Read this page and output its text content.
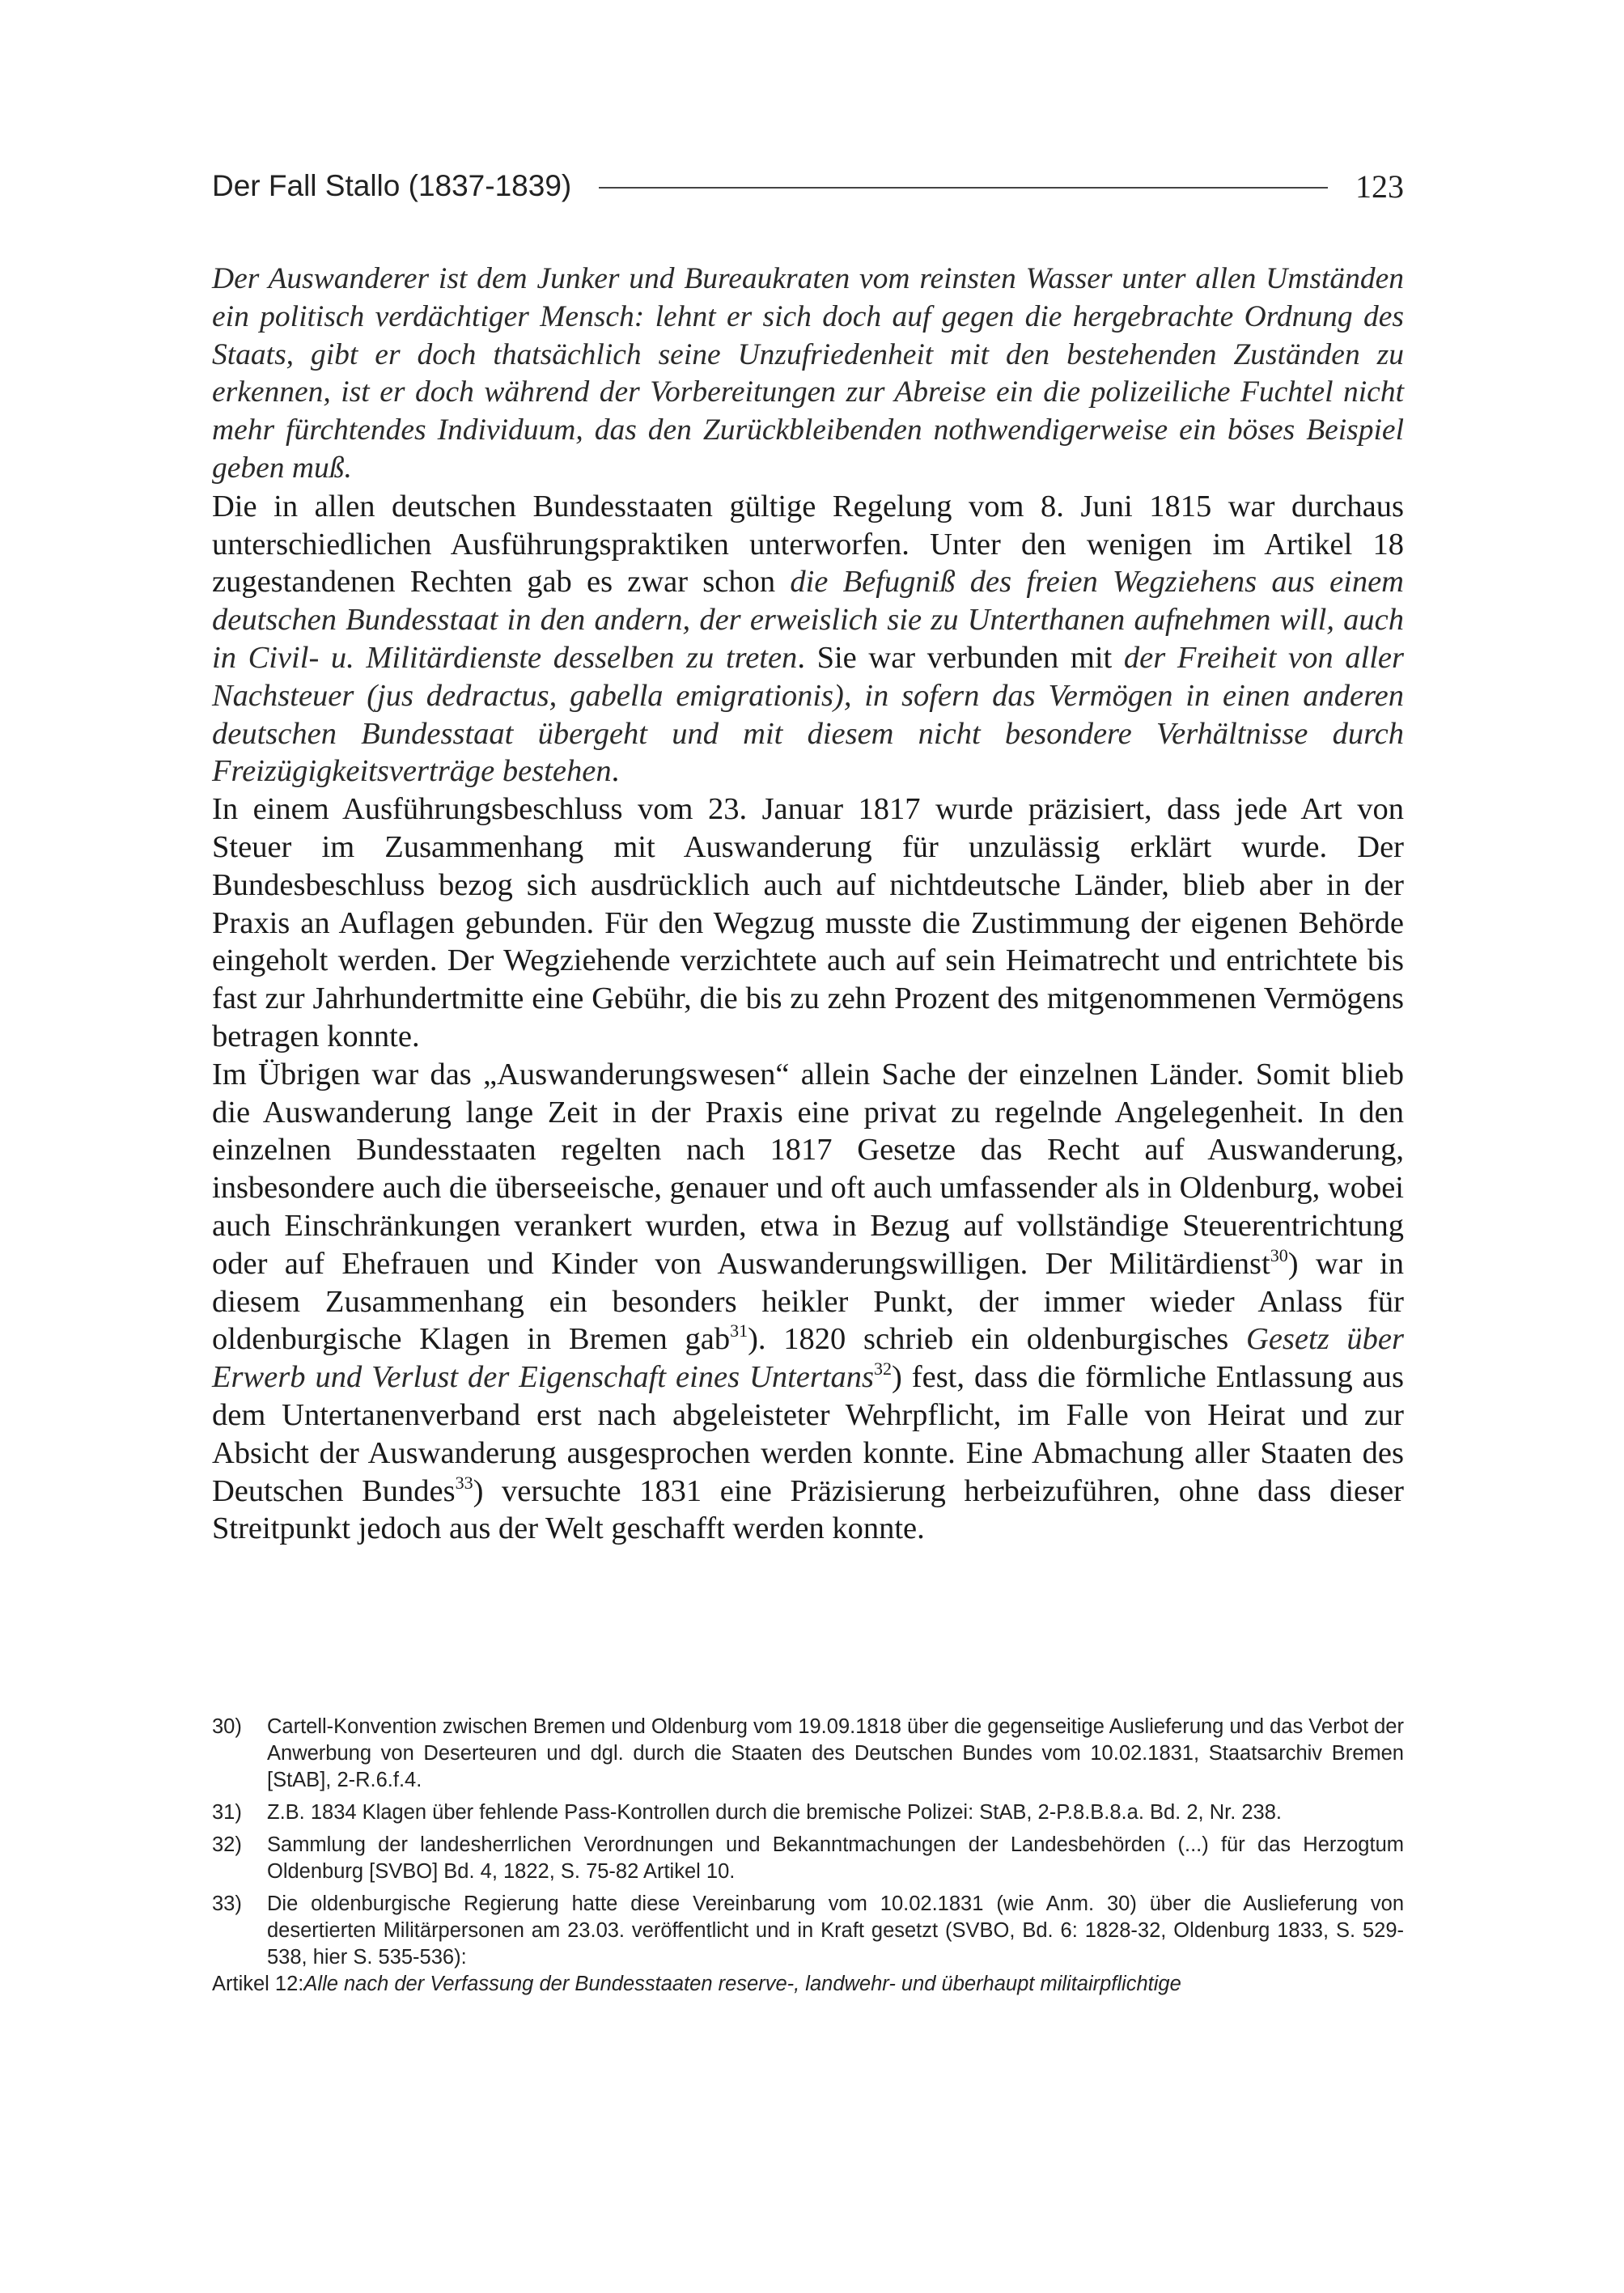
Der Fall Stallo (1837-1839)	123

Der Auswanderer ist dem Junker und Bureaukraten vom reinsten Wasser unter allen Umständen ein politisch verdächtiger Mensch: lehnt er sich doch auf gegen die hergebrachte Ordnung des Staats, gibt er doch thatsächlich seine Unzufriedenheit mit den bestehenden Zuständen zu erkennen, ist er doch während der Vorbereitungen zur Abreise ein die polizeiliche Fuchtel nicht mehr fürchtendes Individuum, das den Zurückbleibenden nothwendigerweise ein böses Beispiel geben muß.

Die in allen deutschen Bundesstaaten gültige Regelung vom 8. Juni 1815 war durchaus unterschiedlichen Ausführungspraktiken unterworfen. Unter den wenigen im Artikel 18 zugestandenen Rechten gab es zwar schon die Befugniß des freien Wegziehens aus einem deutschen Bundesstaat in den andern, der erweislich sie zu Unterthanen aufnehmen will, auch in Civil- u. Militärdienste desselben zu treten. Sie war verbunden mit der Freiheit von aller Nachsteuer (jus dedractus, gabella emigrationis), in sofern das Vermögen in einen anderen deutschen Bundesstaat übergeht und mit diesem nicht besondere Verhältnisse durch Freizügigkeitsverträge bestehen.

In einem Ausführungsbeschluss vom 23. Januar 1817 wurde präzisiert, dass jede Art von Steuer im Zusammenhang mit Auswanderung für unzulässig erklärt wurde. Der Bundesbeschluss bezog sich ausdrücklich auch auf nichtdeutsche Länder, blieb aber in der Praxis an Auflagen gebunden. Für den Wegzug musste die Zustimmung der eigenen Behörde eingeholt werden. Der Wegziehende verzichtete auch auf sein Heimatrecht und entrichtete bis fast zur Jahrhundertmitte eine Gebühr, die bis zu zehn Prozent des mitgenommenen Vermögens betragen konnte.

Im Übrigen war das „Auswanderungswesen“ allein Sache der einzelnen Länder. Somit blieb die Auswanderung lange Zeit in der Praxis eine privat zu regelnde Angelegenheit. In den einzelnen Bundesstaaten regelten nach 1817 Gesetze das Recht auf Auswanderung, insbesondere auch die überseeische, genauer und oft auch umfassender als in Oldenburg, wobei auch Einschränkungen verankert wurden, etwa in Bezug auf vollständige Steuerentrichtung oder auf Ehefrauen und Kinder von Auswanderungswilligen. Der Militärdienst$^{30}$) war in diesem Zusammenhang ein besonders heikler Punkt, der immer wieder Anlass für oldenburgische Klagen in Bremen gab$^{31}$). 1820 schrieb ein oldenburgisches Gesetz über Erwerb und Verlust der Eigenschaft eines Untertans$^{32}$) fest, dass die förmliche Entlassung aus dem Untertanenverband erst nach abgeleisteter Wehrpflicht, im Falle von Heirat und zur Absicht der Auswanderung ausgesprochen werden konnte. Eine Abmachung aller Staaten des Deutschen Bundes$^{33}$) versuchte 1831 eine Präzisierung herbeizuführen, ohne dass dieser Streitpunkt jedoch aus der Welt geschafft werden konnte.

30)	Cartell-Konvention zwischen Bremen und Oldenburg vom 19.09.1818 über die gegenseitige Auslieferung und das Verbot der Anwerbung von Deserteuren und dgl. durch die Staaten des Deutschen Bundes vom 10.02.1831, Staatsarchiv Bremen [StAB], 2-R.6.f.4.
31)	Z.B. 1834 Klagen über fehlende Pass-Kontrollen durch die bremische Polizei: StAB, 2-P.8.B.8.a. Bd. 2, Nr. 238.
32)	Sammlung der landesherrlichen Verordnungen und Bekanntmachungen der Landesbehörden (...) für das Herzogtum Oldenburg [SVBO] Bd. 4, 1822, S. 75-82 Artikel 10.
33)	Die oldenburgische Regierung hatte diese Vereinbarung vom 10.02.1831 (wie Anm. 30) über die Auslieferung von desertierten Militärpersonen am 23.03. veröffentlicht und in Kraft gesetzt (SVBO, Bd. 6: 1828-32, Oldenburg 1833, S. 529-538, hier S. 535-536):
Artikel 12: Alle nach der Verfassung der Bundesstaaten reserve-, landwehr- und überhaupt militairpflichtige
